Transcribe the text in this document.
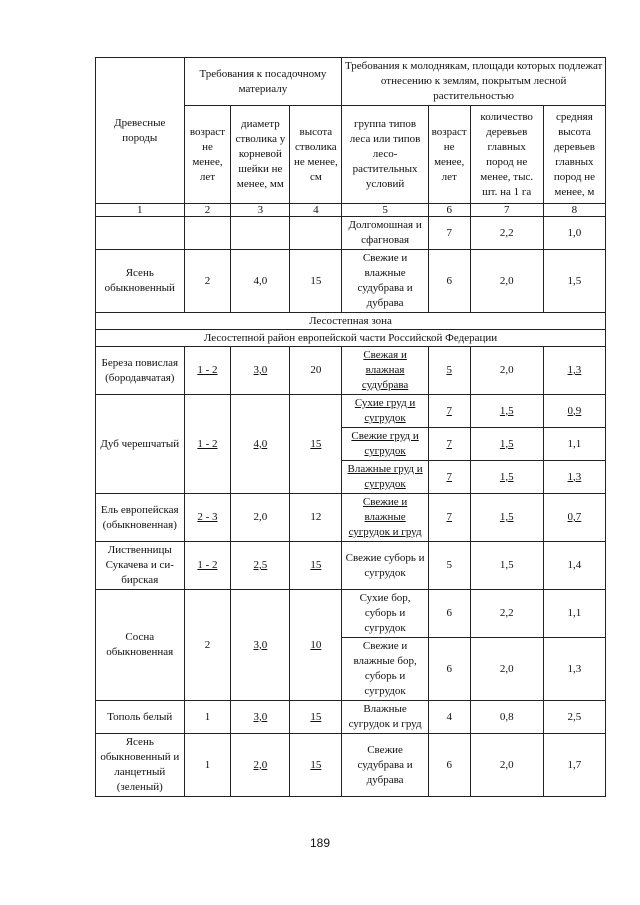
Древесные породы	Требования к посадочному материалу			Требования к молоднякам, площади которых подлежат отнесению к землям, покрытым лесной растительностью			
	возраст не менее, лет	диаметр стволика у корневой шейки не менее, мм	высота стволика не менее, см	группа типов леса или типов лесо-растительных условий	возраст не менее, лет	количество деревьев главных пород не менее, тыс. шт. на 1 га	средняя высота деревьев главных пород не менее, м
1	2	3	4	5	6	7	8
				Долгомошная и сфагновая	7	2,2	1,0
Ясень обыкновенный	2	4,0	15	Свежие и влажные судубрава и дубрава	6	2,0	1,5
Лесостепная зона							
Лесостепной район европейской части Российской Федерации							
Береза повислая (бородавчатая)	1 - 2	3,0	20	Свежая и влажная судубрава	5	2,0	1,3
Дуб черешчатый	1 - 2	4,0	15	Сухие груд и сугрудок	7	1,5	0,9
				Свежие груд и сугрудок	7	1,5	1,1
				Влажные груд и сугрудок	7	1,5	1,3
Ель европейская (обыкновенная)	2 - 3	2,0	12	Свежие и влажные сугрудок и груд	7	1,5	0,7
Лиственницы Сукачева и си-бирская	1 - 2	2,5	15	Свежие суборь и сугрудок	5	1,5	1,4
Сосна обыкновенная	2	3,0	10	Сухие бор, суборь и сугрудок	6	2,2	1,1
				Свежие и влажные бор, суборь и сугрудок	6	2,0	1,3
Тополь белый	1	3,0	15	Влажные сугрудок и груд	4	0,8	2,5
Ясень обыкновенный и ланцетный (зеленый)	1	2,0	15	Свежие судубрава и дубрава	6	2,0	1,7
189
